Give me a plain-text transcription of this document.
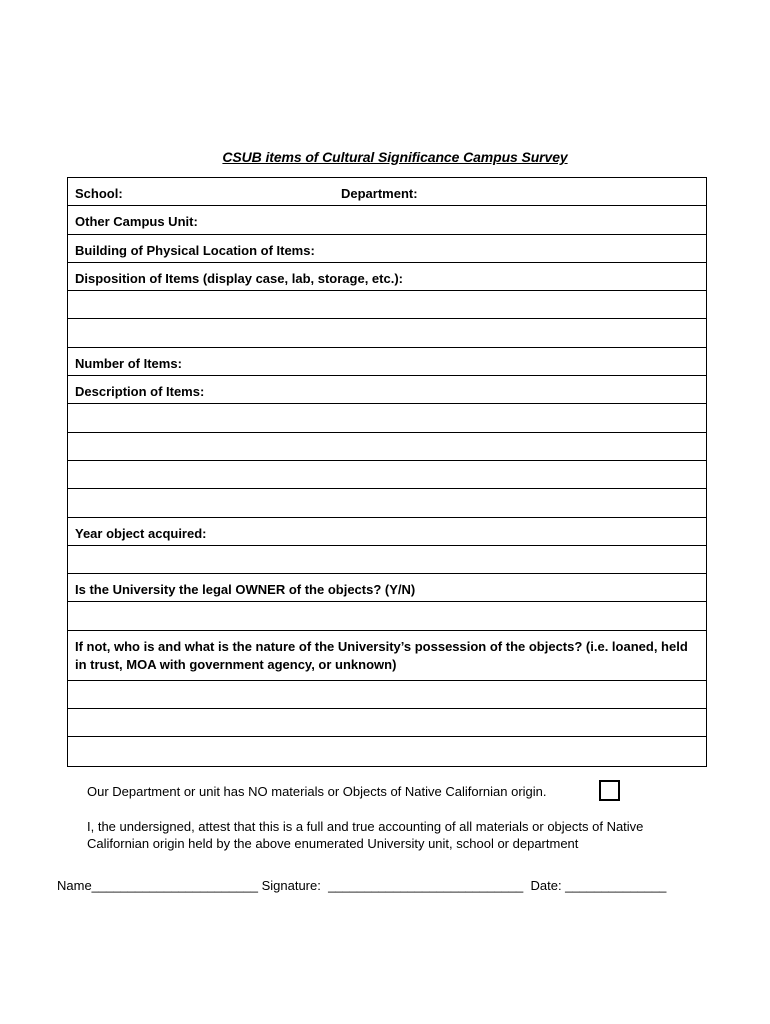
CSUB items of Cultural Significance Campus Survey
School:	Department:
Other Campus Unit:
Building of Physical Location of Items:
Disposition of Items (display case, lab, storage, etc.):
Number of Items:
Description of Items:
Year object acquired:
Is the University the legal OWNER of the objects? (Y/N)
If not, who is and what is the nature of the University’s possession of the objects? (i.e. loaned, held in trust, MOA with government agency, or unknown)
Our Department or unit has NO materials or Objects of Native Californian origin.
I, the undersigned, attest that this is a full and true accounting of all materials or objects of Native Californian origin held by the above enumerated University unit, school or department
Name_______________________ Signature:  ___________________________  Date: ______________
